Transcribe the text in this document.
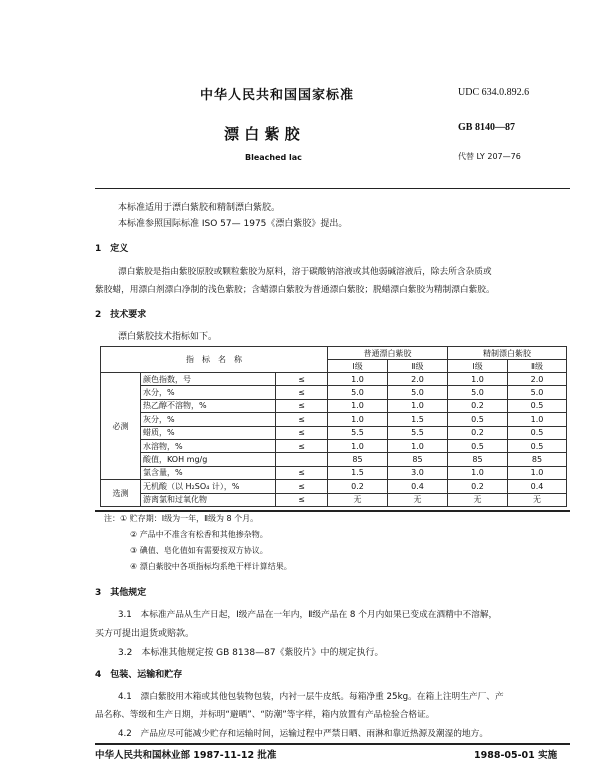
中华人民共和国国家标准	UDC 634.0.892.6
漂 白 紫 胶	GB 8140—87
Bleached lac	代替 LY 207—76
本标准适用于漂白紫胶和精制漂白紫胶。
本标准参照国际标准 ISO 57— 1975《漂白紫胶》提出。
1　定义
漂白紫胶是指由紫胶原胶或颗粒紫胶为原料，溶于碳酸钠溶液或其他弱碱溶液后，除去所含杂质或
紫胶蜡，用漂白剂漂白净制的浅色紫胶；含蜡漂白紫胶为普通漂白紫胶；脱蜡漂白紫胶为精制漂白紫胶。
2　技术要求
漂白紫胶技术指标如下。
指　标　名　称			普通漂白紫胶		精制漂白紫胶	
			Ⅰ级	Ⅱ级	Ⅰ级	Ⅱ级
必测	颜色指数，号	≤	1.0	2.0	1.0	2.0
	水分，%	≤	5.0	5.0	5.0	5.0
	热乙醇不溶物，%	≤	1.0	1.0	0.2	0.5
	灰分，%	≤	1.0	1.5	0.5	1.0
	蜡质，%	≤	5.5	5.5	0.2	0.5
	水溶物，%	≤	1.0	1.0	0.5	0.5
	酸值，KOH mg/g		85	85	85	85
	氯含量，%	≤	1.5	3.0	1.0	1.0
选测	无机酸（以 H₂SO₄ 计），%	≤	0.2	0.4	0.2	0.4
	游离氯和过氧化物	≤	无	无	无	无
注：① 贮存期：Ⅰ级为一年，Ⅱ级为 8 个月。
② 产品中不准含有松香和其他掺杂物。
③ 碘值、皂化值如有需要按双方协议。
④ 漂白紫胶中各项指标均系绝干样计算结果。
3　其他规定
3.1　本标准产品从生产日起，Ⅰ级产品在一年内，Ⅱ级产品在 8 个月内如果已变成在酒精中不溶解，
买方可提出退货或赔款。
3.2　本标准其他规定按 GB 8138—87《紫胶片》中的规定执行。
4　包装、运输和贮存
4.1　漂白紫胶用木箱或其他包装物包装，内衬一层牛皮纸。每箱净重 25kg。在箱上注明生产厂、产
品名称、等级和生产日期，并标明“避晒”、“防潮”等字样，箱内放置有产品检验合格证。
4.2　产品应尽可能减少贮存和运输时间，运输过程中严禁日晒、雨淋和靠近热源及潮湿的地方。
中华人民共和国林业部 1987-11-12 批准	1988-05-01 实施
